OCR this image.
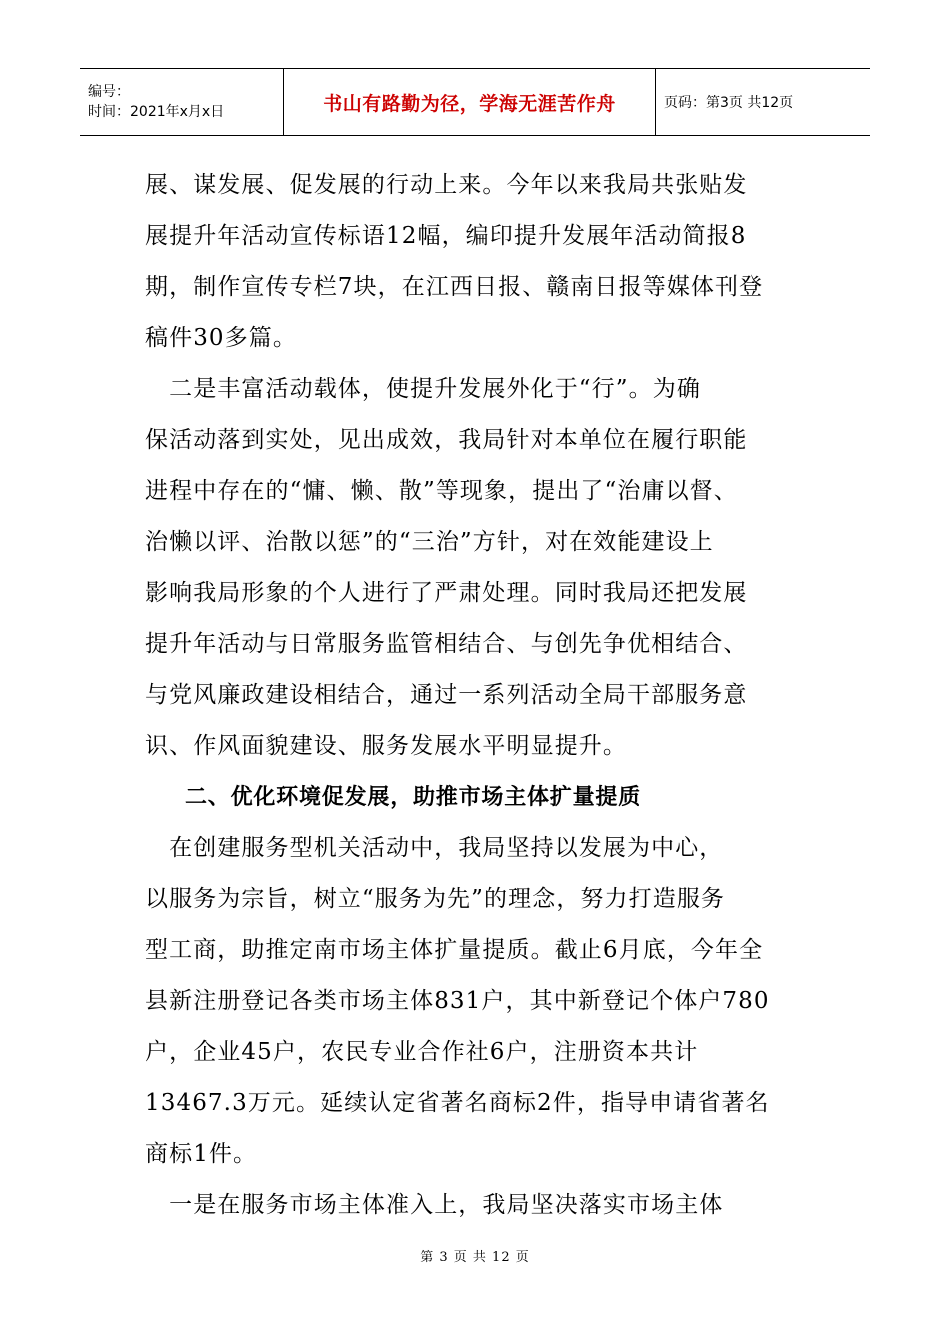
编号：
时间：2021年x月x日	书山有路勤为径，学海无涯苦作舟	页码：第3页 共12页
展、谋发展、促发展的行动上来。今年以来我局共张贴发
展提升年活动宣传标语12幅，编印提升发展年活动简报8
期，制作宣传专栏7块，在江西日报、赣南日报等媒体刊登
稿件30多篇。
　二是丰富活动载体，使提升发展外化于“行”。为确
保活动落到实处，见出成效，我局针对本单位在履行职能
进程中存在的“慵、懒、散”等现象，提出了“治庸以督、
治懒以评、治散以惩”的“三治”方针，对在效能建设上
影响我局形象的个人进行了严肃处理。同时我局还把发展
提升年活动与日常服务监管相结合、与创先争优相结合、
与党风廉政建设相结合，通过一系列活动全局干部服务意
识、作风面貌建设、服务发展水平明显提升。
二、优化环境促发展，助推市场主体扩量提质
　在创建服务型机关活动中，我局坚持以发展为中心，
以服务为宗旨，树立“服务为先”的理念，努力打造服务
型工商，助推定南市场主体扩量提质。截止6月底，今年全
县新注册登记各类市场主体831户，其中新登记个体户780
户，企业45户，农民专业合作社6户，注册资本共计
13467.3万元。延续认定省著名商标2件，指导申请省著名
商标1件。
　一是在服务市场主体准入上，我局坚决落实市场主体
第 3 页 共 12 页
